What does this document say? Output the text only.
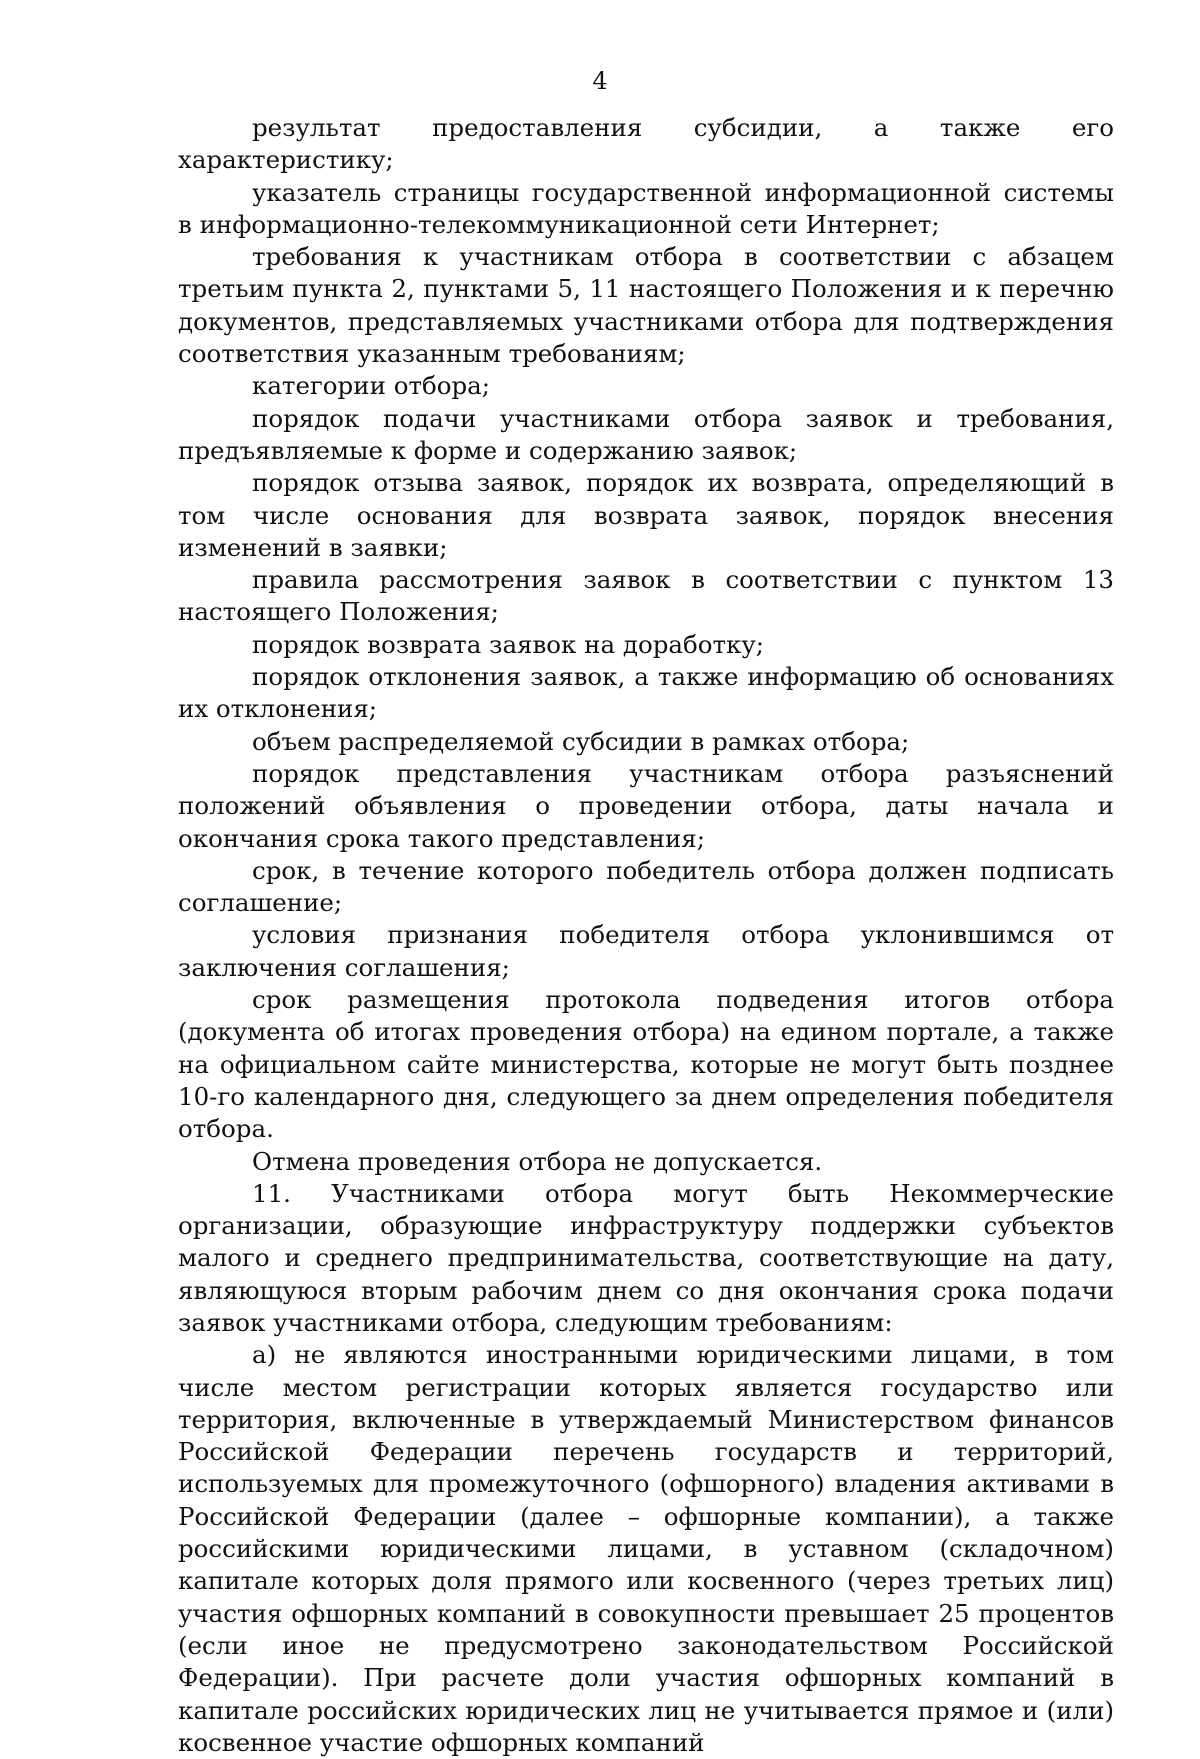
4

результат предоставления субсидии, а также его характеристику;

указатель страницы государственной информационной системы в информационно-телекоммуникационной сети Интернет;

требования к участникам отбора в соответствии с абзацем третьим пункта 2, пунктами 5, 11 настоящего Положения и к перечню документов, представляемых участниками отбора для подтверждения соответствия указанным требованиям;

категории отбора;

порядок подачи участниками отбора заявок и требования, предъявляемые к форме и содержанию заявок;

порядок отзыва заявок, порядок их возврата, определяющий в том числе основания для возврата заявок, порядок внесения изменений в заявки;

правила рассмотрения заявок в соответствии с пунктом 13 настоящего Положения;

порядок возврата заявок на доработку;

порядок отклонения заявок, а также информацию об основаниях их отклонения;

объем распределяемой субсидии в рамках отбора;

порядок представления участникам отбора разъяснений положений объявления о проведении отбора, даты начала и окончания срока такого представления;

срок, в течение которого победитель отбора должен подписать соглашение;

условия признания победителя отбора уклонившимся от заключения соглашения;

срок размещения протокола подведения итогов отбора (документа об итогах проведения отбора) на едином портале, а также на официальном сайте министерства, которые не могут быть позднее 10-го календарного дня, следующего за днем определения победителя отбора.

Отмена проведения отбора не допускается.

11. Участниками отбора могут быть Некоммерческие организации, образующие инфраструктуру поддержки субъектов малого и среднего предпринимательства, соответствующие на дату, являющуюся вторым рабочим днем со дня окончания срока подачи заявок участниками отбора, следующим требованиям:

а) не являются иностранными юридическими лицами, в том числе местом регистрации которых является государство или территория, включенные в утверждаемый Министерством финансов Российской Федерации перечень государств и территорий, используемых для промежуточного (офшорного) владения активами в Российской Федерации (далее – офшорные компании), а также российскими юридическими лицами, в уставном (складочном) капитале которых доля прямого или косвенного (через третьих лиц) участия офшорных компаний в совокупности превышает 25 процентов (если иное не предусмотрено законодательством Российской Федерации). При расчете доли участия офшорных компаний в капитале российских юридических лиц не учитывается прямое и (или) косвенное участие офшорных компаний
